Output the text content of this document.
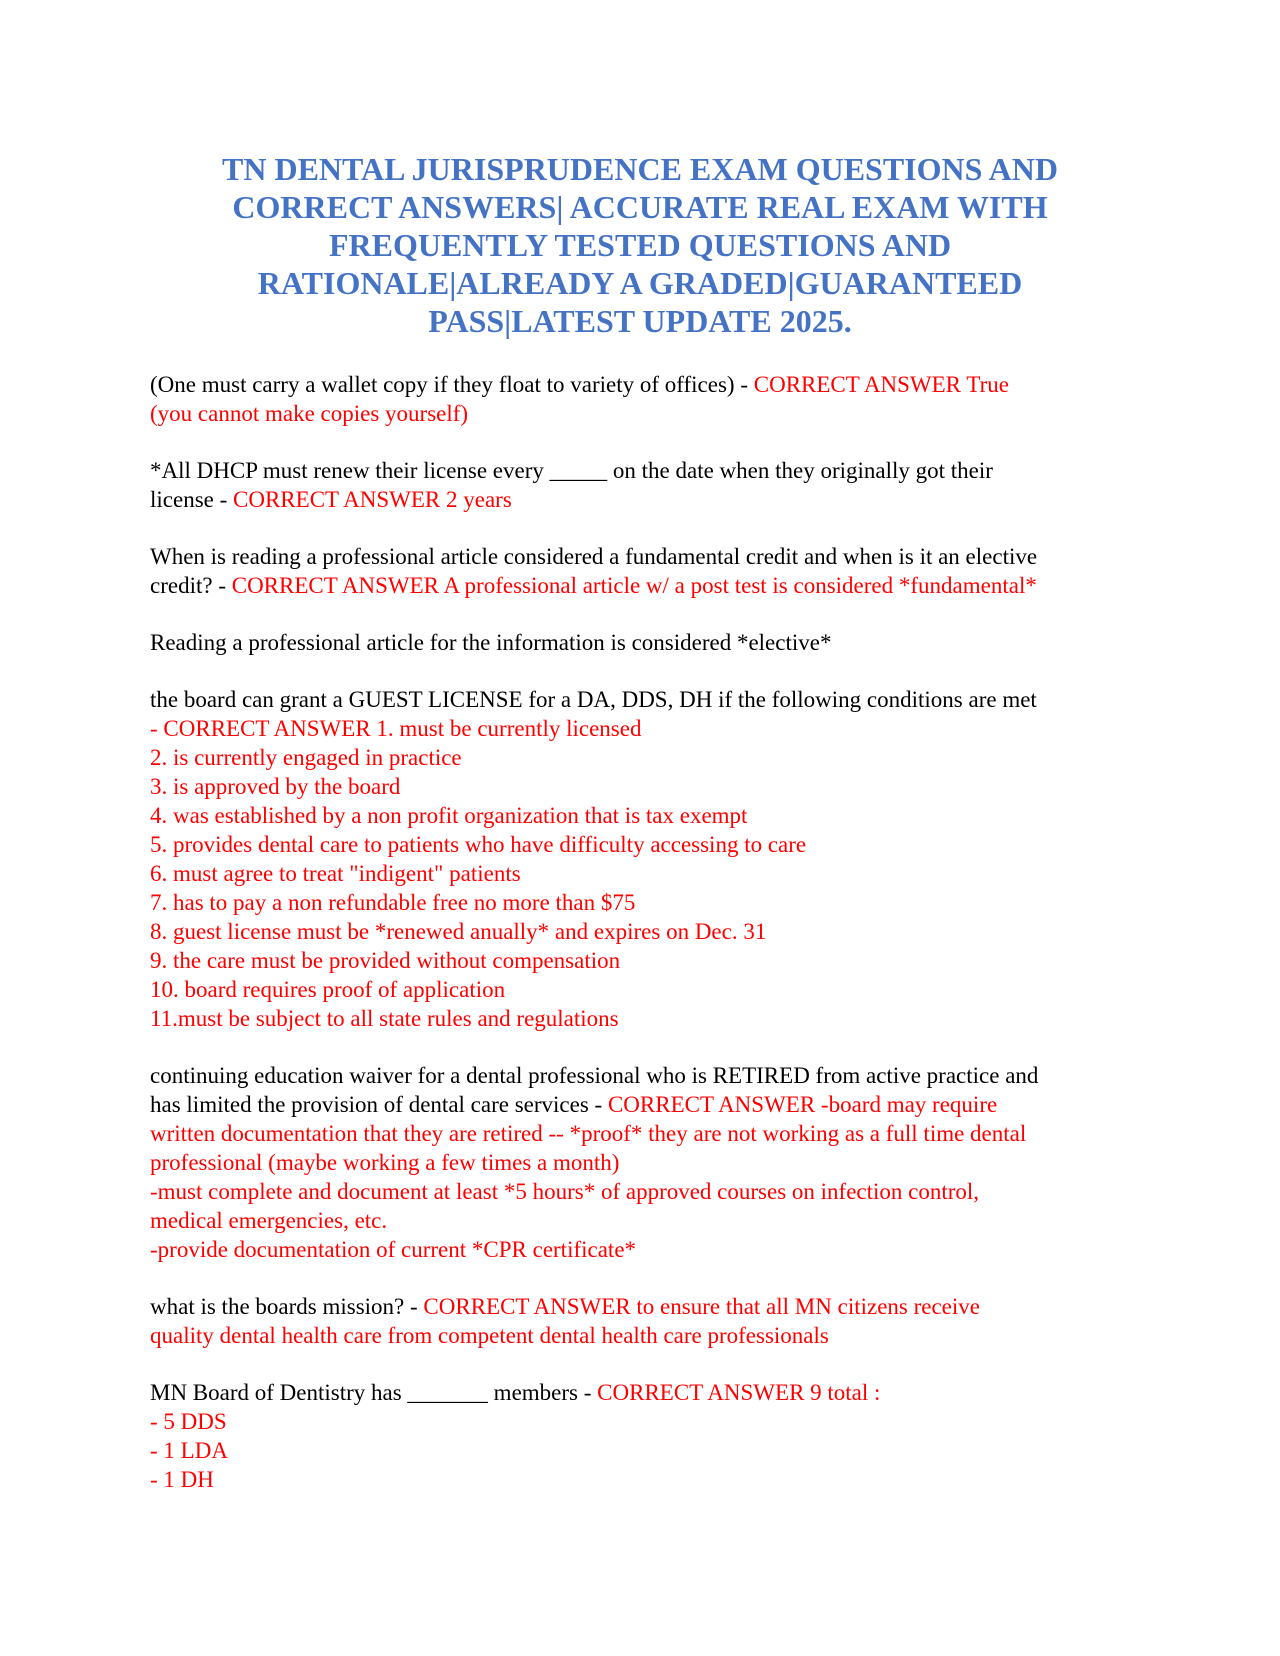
TN DENTAL JURISPRUDENCE EXAM QUESTIONS AND
CORRECT ANSWERS| ACCURATE REAL EXAM WITH
FREQUENTLY TESTED QUESTIONS AND
RATIONALE|ALREADY A GRADED|GUARANTEED
PASS|LATEST UPDATE 2025.

(One must carry a wallet copy if they float to variety of offices) - CORRECT ANSWER True

(you cannot make copies yourself)

*All DHCP must renew their license every _____ on the date when they originally got their

license - CORRECT ANSWER 2 years

When is reading a professional article considered a fundamental credit and when is it an elective

credit? - CORRECT ANSWER A professional article w/ a post test is considered *fundamental*

Reading a professional article for the information is considered *elective*

the board can grant a GUEST LICENSE for a DA, DDS, DH if the following conditions are met

- CORRECT ANSWER 1. must be currently licensed

2. is currently engaged in practice

3. is approved by the board

4. was established by a non profit organization that is tax exempt

5. provides dental care to patients who have difficulty accessing to care

6. must agree to treat "indigent" patients

7. has to pay a non refundable free no more than $75

8. guest license must be *renewed anually* and expires on Dec. 31

9. the care must be provided without compensation

10. board requires proof of application

11.must be subject to all state rules and regulations

continuing education waiver for a dental professional who is RETIRED from active practice and

has limited the provision of dental care services - CORRECT ANSWER -board may require

written documentation that they are retired -- *proof* they are not working as a full time dental

professional (maybe working a few times a month)

-must complete and document at least *5 hours* of approved courses on infection control,

medical emergencies, etc.

-provide documentation of current *CPR certificate*

what is the boards mission? - CORRECT ANSWER to ensure that all MN citizens receive

quality dental health care from competent dental health care professionals

MN Board of Dentistry has _______ members - CORRECT ANSWER 9 total :

- 5 DDS

- 1 LDA

- 1 DH
